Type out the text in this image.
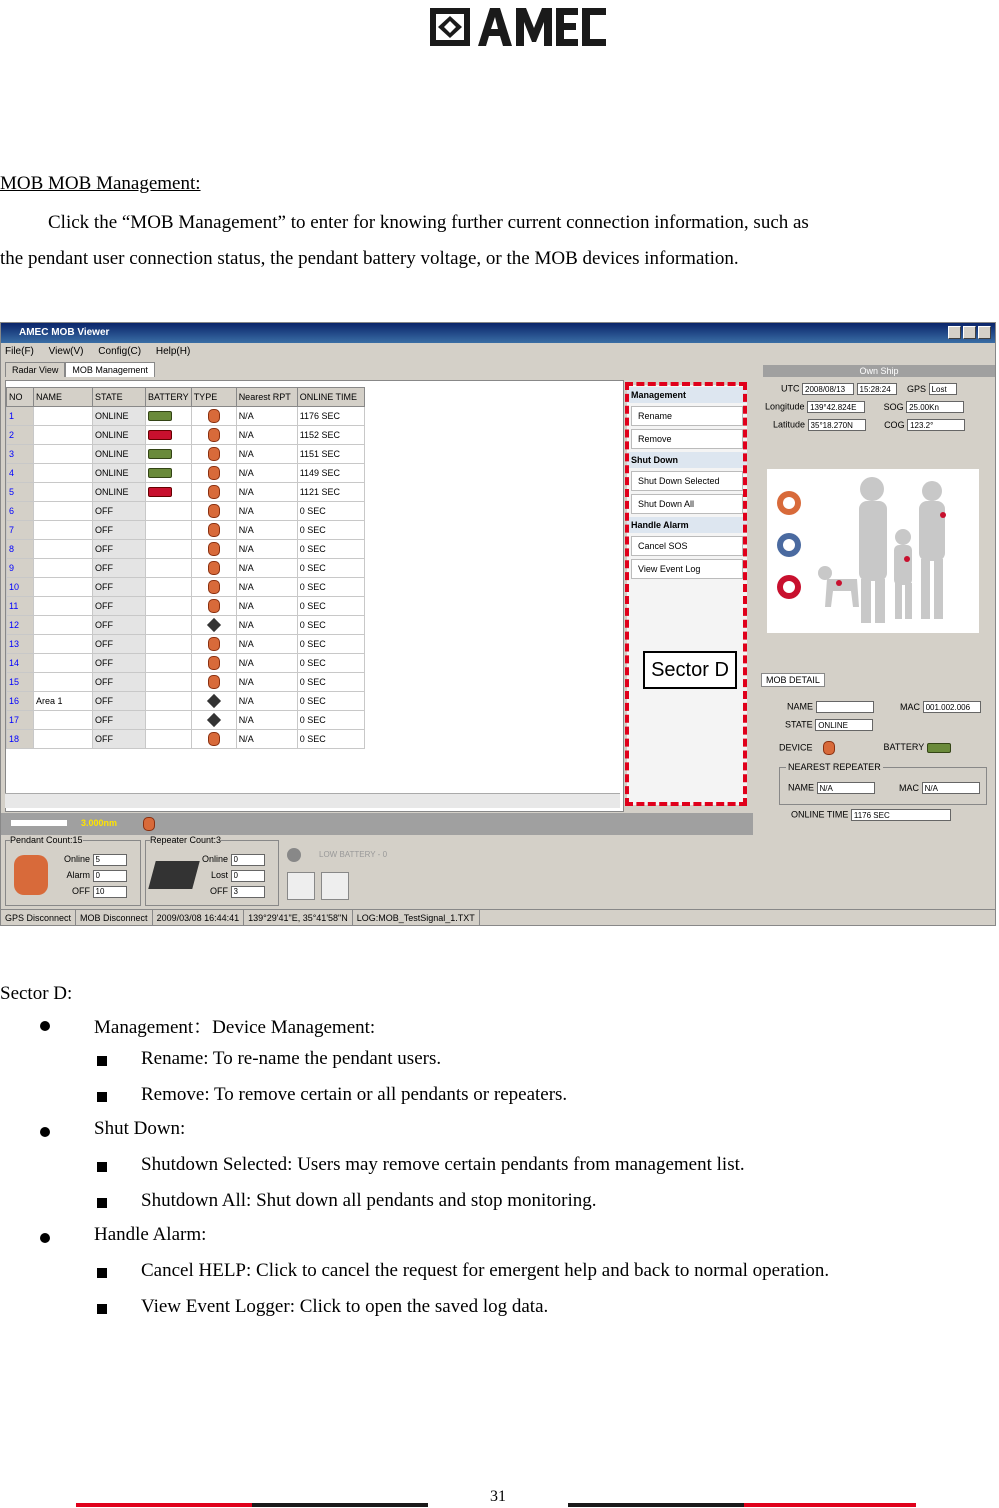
MOB MOB Management:
Click the “MOB Management” to enter for knowing further current connection information, such as
the pendant user connection status, the pendant battery voltage, or the MOB devices information.
AMEC MOB Viewer
File(F) View(V) Config(C) Help(H)
Radar View MOB Management
NO	NAME	STATE	BATTERY	TYPE	Nearest RPT	ONLINE TIME
1		ONLINE			N/A	1176 SEC
2		ONLINE			N/A	1152 SEC
3		ONLINE			N/A	1151 SEC
4		ONLINE			N/A	1149 SEC
5		ONLINE			N/A	1121 SEC
6		OFF			N/A	0 SEC
7		OFF			N/A	0 SEC
8		OFF			N/A	0 SEC
9		OFF			N/A	0 SEC
10		OFF			N/A	0 SEC
11		OFF			N/A	0 SEC
12		OFF			N/A	0 SEC
13		OFF			N/A	0 SEC
14		OFF			N/A	0 SEC
15		OFF			N/A	0 SEC
16	Area 1	OFF			N/A	0 SEC
17		OFF			N/A	0 SEC
18		OFF			N/A	0 SEC
Management
Rename
Remove
Shut Down
Shut Down Selected
Shut Down All
Handle Alarm
Cancel SOS
View Event Log
Sector D
Own Ship
UTC 2008/08/13 15:28:24	GPS Lost
Longitude 139°42.824E	SOG 25.00Kn
Latitude 35°18.270N	COG 123.2°
MOB DETAIL
NAME	MAC 001.002.006
STATE ONLINE
DEVICE	BATTERY
NEAREST REPEATER
NAME N/A	MAC N/A
ONLINE TIME 1176 SEC
3.000nm
Pendant Count:15
Online 5
Alarm 0
OFF 10
Repeater Count:3
Online 0
Lost 0
OFF 3
LOW BATTERY - 0
GPS Disconnect MOB Disconnect 2009/03/08 16:44:41 139°29'41"E, 35°41'58"N LOG:MOB_TestSignal_1.TXT
Sector D:
Management：Device Management:
Rename: To re-name the pendant users.
Remove: To remove certain or all pendants or repeaters.
Shut Down:
Shutdown Selected: Users may remove certain pendants from management list.
Shutdown All: Shut down all pendants and stop monitoring.
Handle Alarm:
Cancel HELP: Click to cancel the request for emergent help and back to normal operation.
View Event Logger: Click to open the saved log data.
31
